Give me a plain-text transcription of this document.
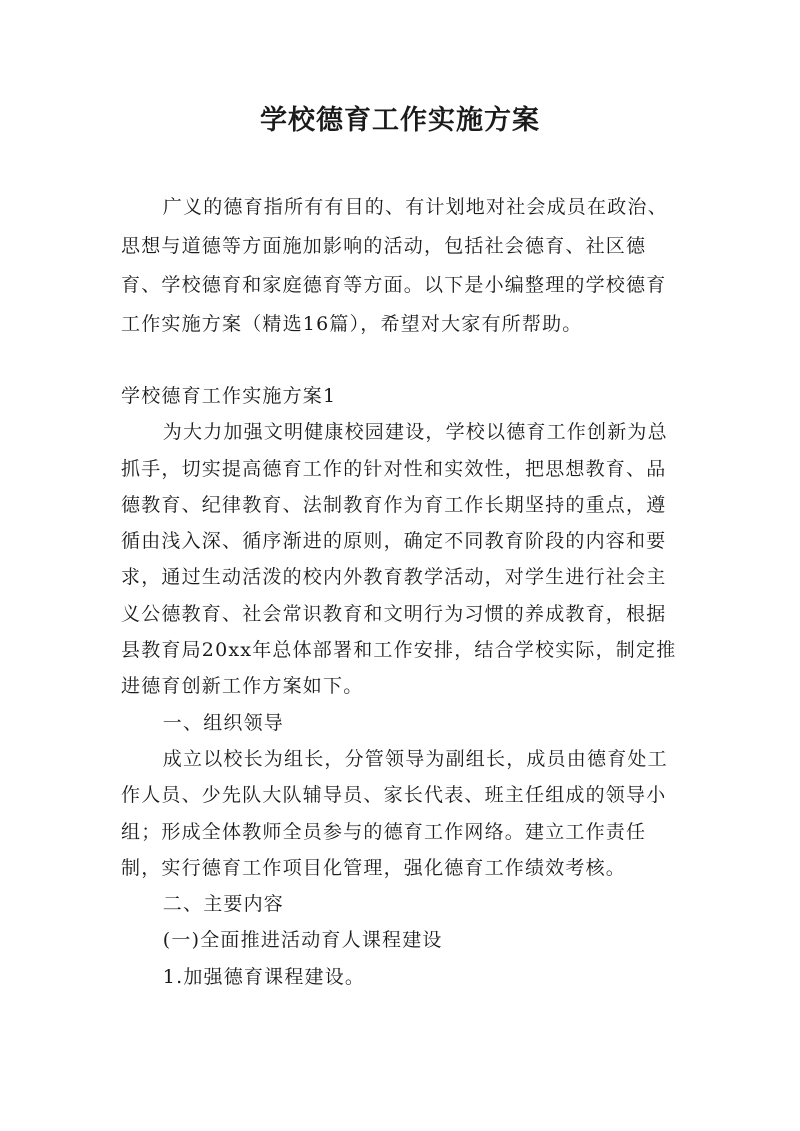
学校德育工作实施方案

广义的德育指所有有目的、有计划地对社会成员在政治、思想与道德等方面施加影响的活动，包括社会德育、社区德育、学校德育和家庭德育等方面。以下是小编整理的学校德育工作实施方案（精选16篇），希望对大家有所帮助。

学校德育工作实施方案1
为大力加强文明健康校园建设，学校以德育工作创新为总抓手，切实提高德育工作的针对性和实效性，把思想教育、品德教育、纪律教育、法制教育作为育工作长期坚持的重点，遵循由浅入深、循序渐进的原则，确定不同教育阶段的内容和要求，通过生动活泼的校内外教育教学活动，对学生进行社会主义公德教育、社会常识教育和文明行为习惯的养成教育，根据县教育局20xx年总体部署和工作安排，结合学校实际，制定推进德育创新工作方案如下。
一、组织领导
成立以校长为组长，分管领导为副组长，成员由德育处工作人员、少先队大队辅导员、家长代表、班主任组成的领导小组；形成全体教师全员参与的德育工作网络。建立工作责任制，实行德育工作项目化管理，强化德育工作绩效考核。
二、主要内容
(一)全面推进活动育人课程建设
1.加强德育课程建设。
